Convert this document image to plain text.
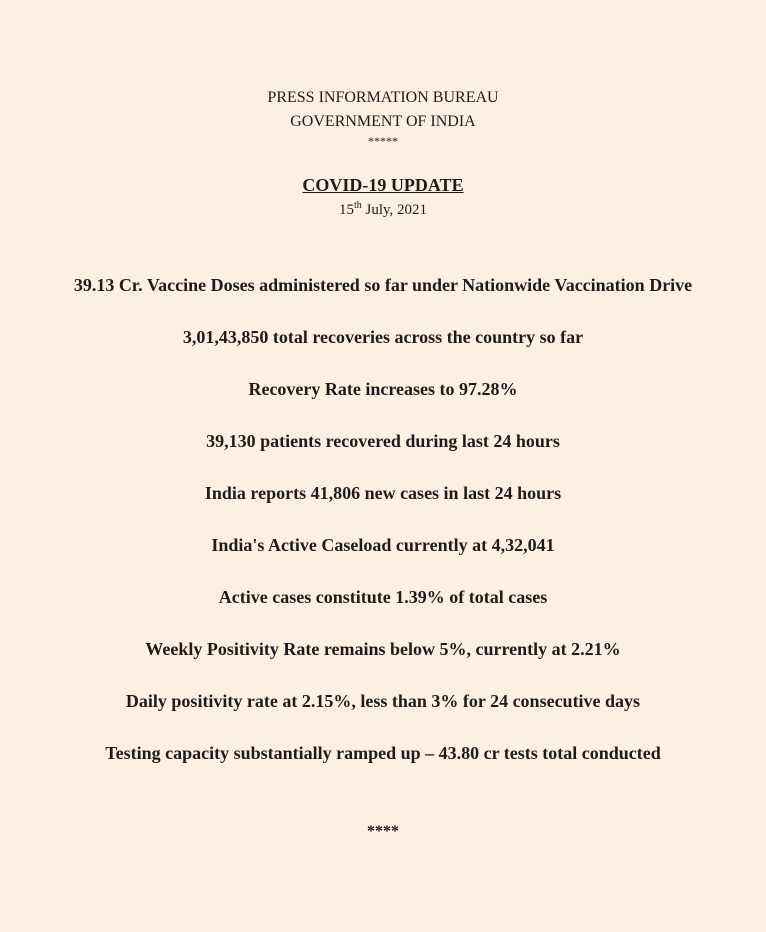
PRESS INFORMATION BUREAU
GOVERNMENT OF INDIA
*****
COVID-19 UPDATE
15th July, 2021

39.13 Cr. Vaccine Doses administered so far under Nationwide Vaccination Drive

3,01,43,850 total recoveries across the country so far

Recovery Rate increases to 97.28%

39,130 patients recovered during last 24 hours

India reports 41,806 new cases in last 24 hours

India's Active Caseload currently at 4,32,041

Active cases constitute 1.39% of total cases

Weekly Positivity Rate remains below 5%, currently at 2.21%

Daily positivity rate at 2.15%, less than 3% for 24 consecutive days

Testing capacity substantially ramped up – 43.80 cr tests total conducted

****
